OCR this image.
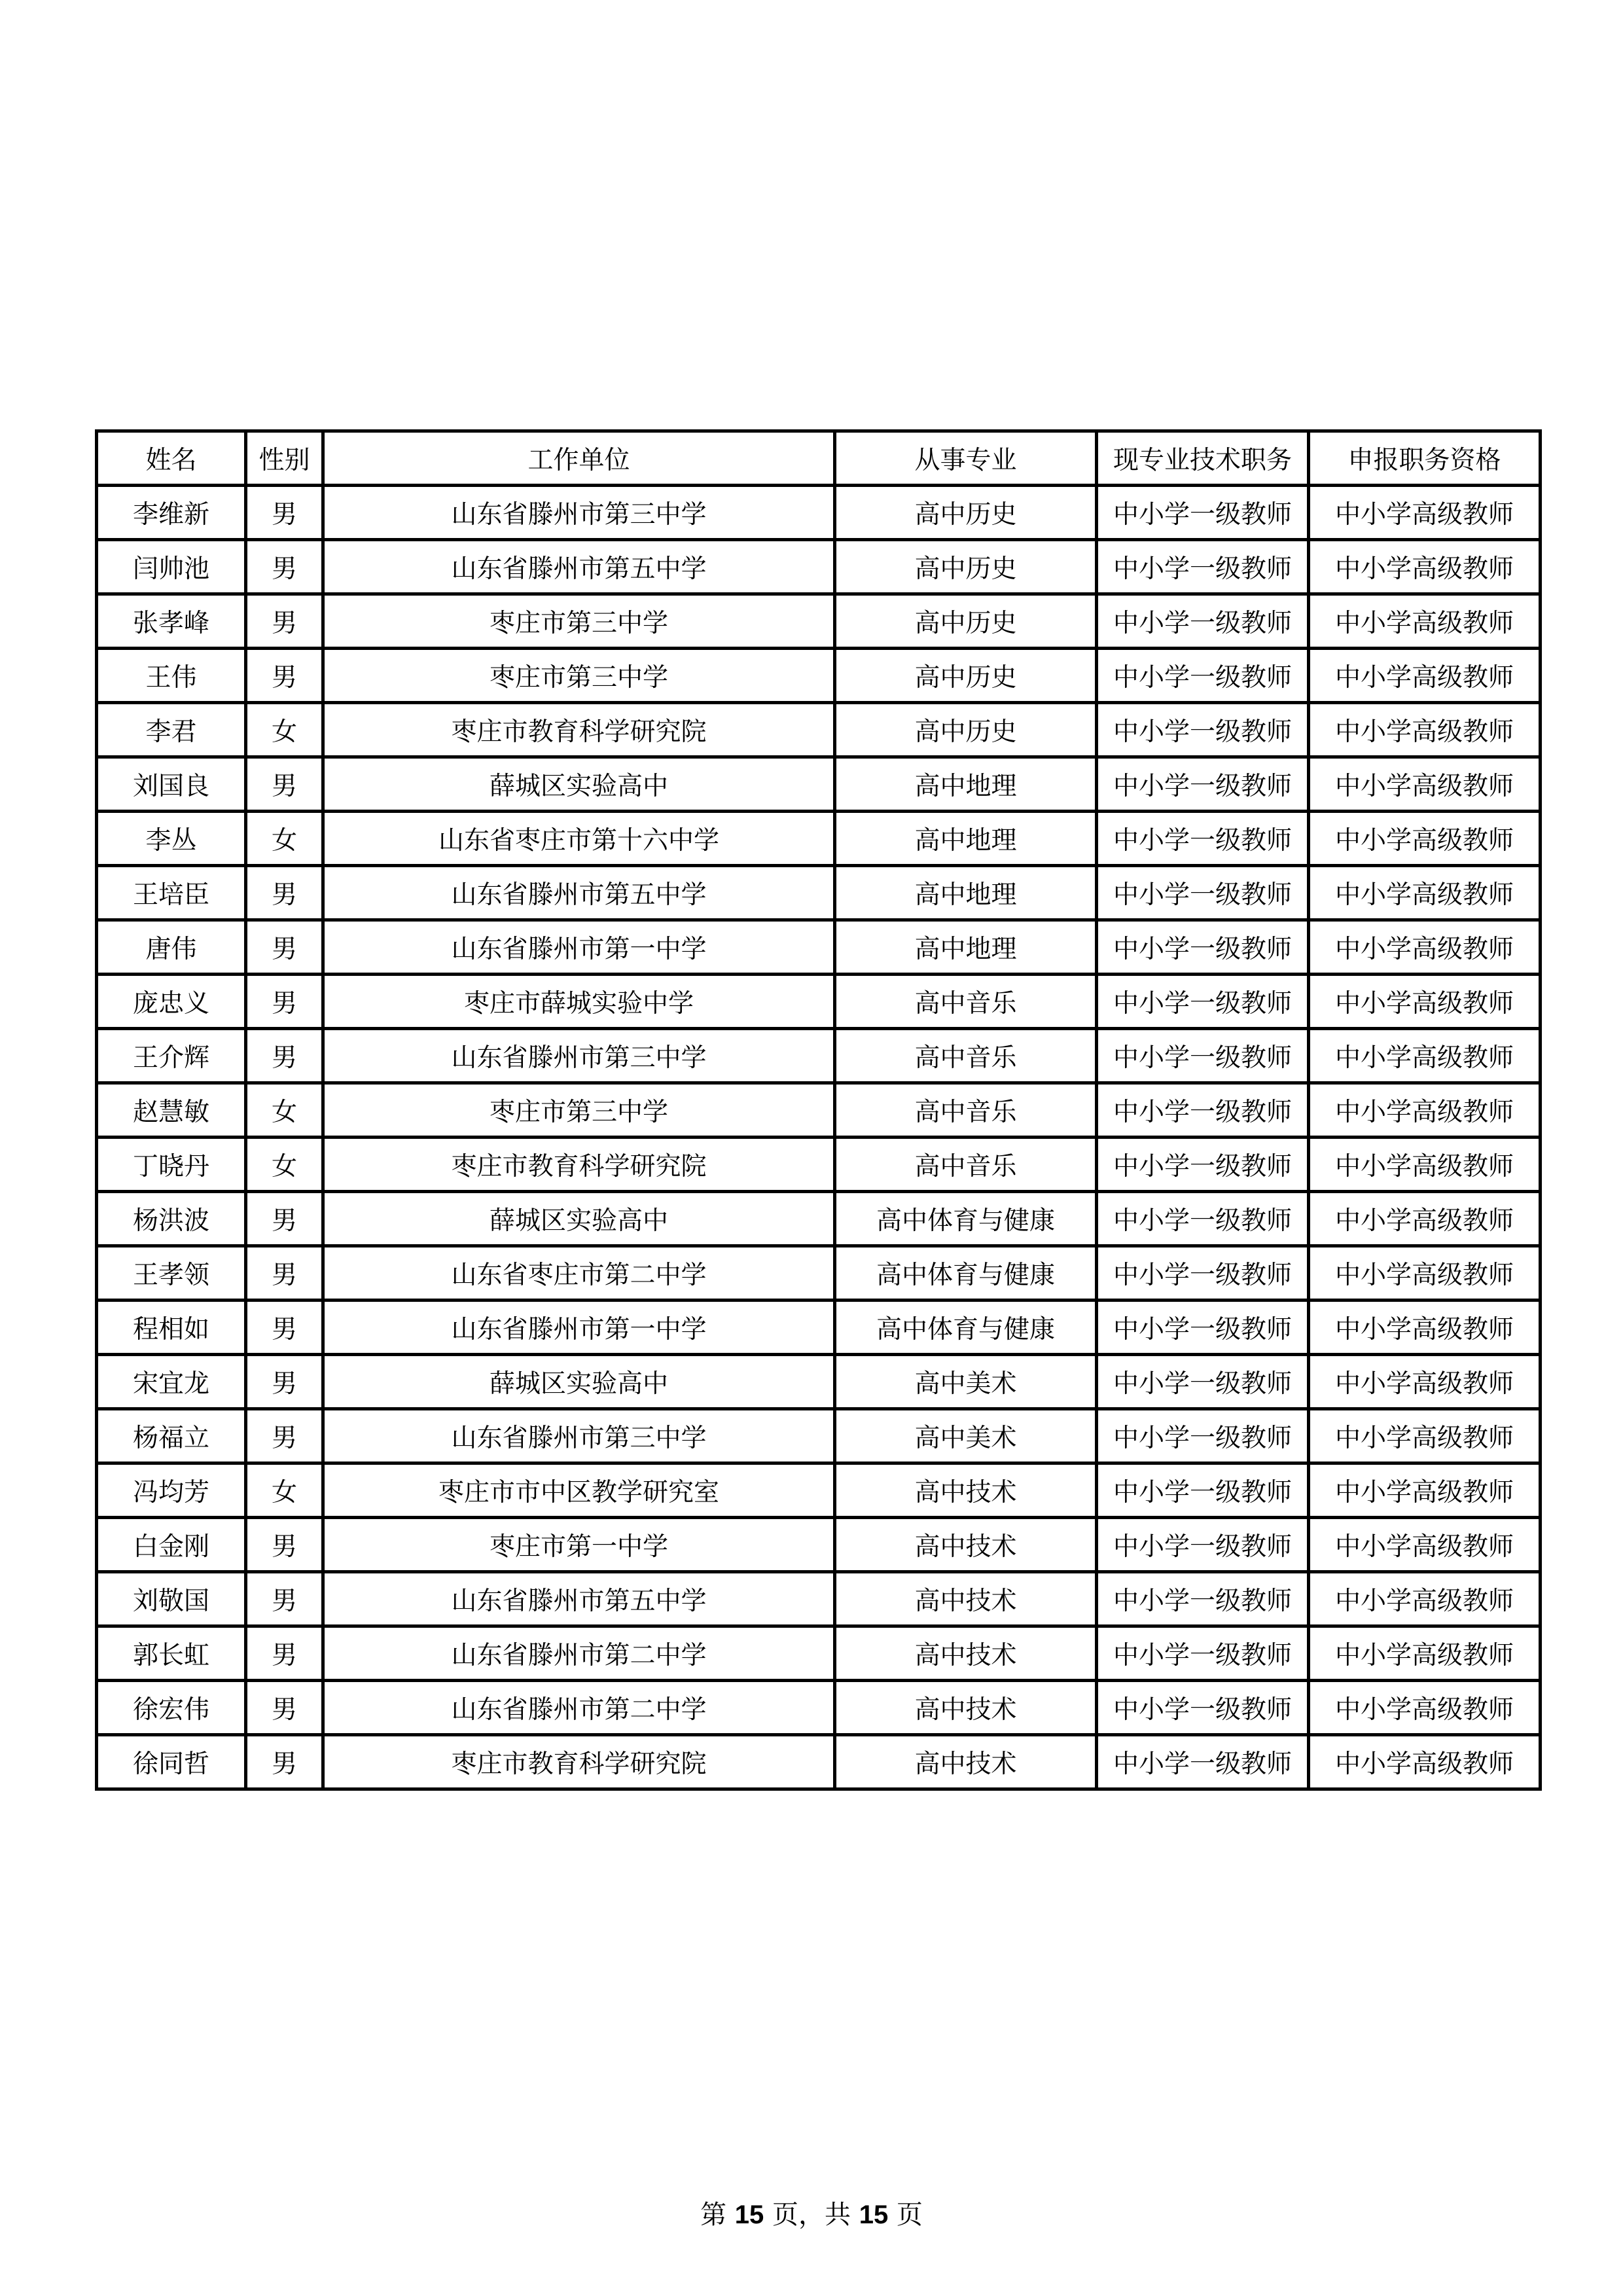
姓名	性别	工作单位	从事专业	现专业技术职务	申报职务资格
李维新	男	山东省滕州市第三中学	高中历史	中小学一级教师	中小学高级教师
闫帅池	男	山东省滕州市第五中学	高中历史	中小学一级教师	中小学高级教师
张孝峰	男	枣庄市第三中学	高中历史	中小学一级教师	中小学高级教师
王伟	男	枣庄市第三中学	高中历史	中小学一级教师	中小学高级教师
李君	女	枣庄市教育科学研究院	高中历史	中小学一级教师	中小学高级教师
刘国良	男	薛城区实验高中	高中地理	中小学一级教师	中小学高级教师
李丛	女	山东省枣庄市第十六中学	高中地理	中小学一级教师	中小学高级教师
王培臣	男	山东省滕州市第五中学	高中地理	中小学一级教师	中小学高级教师
唐伟	男	山东省滕州市第一中学	高中地理	中小学一级教师	中小学高级教师
庞忠义	男	枣庄市薛城实验中学	高中音乐	中小学一级教师	中小学高级教师
王介辉	男	山东省滕州市第三中学	高中音乐	中小学一级教师	中小学高级教师
赵慧敏	女	枣庄市第三中学	高中音乐	中小学一级教师	中小学高级教师
丁晓丹	女	枣庄市教育科学研究院	高中音乐	中小学一级教师	中小学高级教师
杨洪波	男	薛城区实验高中	高中体育与健康	中小学一级教师	中小学高级教师
王孝领	男	山东省枣庄市第二中学	高中体育与健康	中小学一级教师	中小学高级教师
程相如	男	山东省滕州市第一中学	高中体育与健康	中小学一级教师	中小学高级教师
宋宜龙	男	薛城区实验高中	高中美术	中小学一级教师	中小学高级教师
杨福立	男	山东省滕州市第三中学	高中美术	中小学一级教师	中小学高级教师
冯均芳	女	枣庄市市中区教学研究室	高中技术	中小学一级教师	中小学高级教师
白金刚	男	枣庄市第一中学	高中技术	中小学一级教师	中小学高级教师
刘敬国	男	山东省滕州市第五中学	高中技术	中小学一级教师	中小学高级教师
郭长虹	男	山东省滕州市第二中学	高中技术	中小学一级教师	中小学高级教师
徐宏伟	男	山东省滕州市第二中学	高中技术	中小学一级教师	中小学高级教师
徐同哲	男	枣庄市教育科学研究院	高中技术	中小学一级教师	中小学高级教师
第 15 页，共 15 页
